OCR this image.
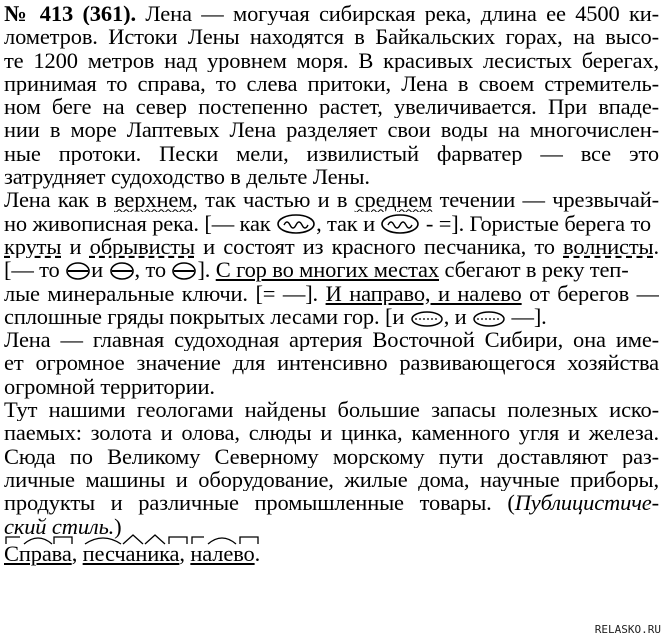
№ 413 (361). Лена — могучая сибирская река, длина ее 4500 ки-
лометров. Истоки Лены находятся в Байкальских горах, на высо-
те 1200 метров над уровнем моря. В красивых лесистых берегах,
принимая то справа, то слева притоки, Лена в своем стремитель-
ном беге на север постепенно растет, увеличивается. При впаде-
нии в море Лаптевых Лена разделяет свои воды на многочислен-
ные протоки. Пески мели, извилистый фарватер — все это
затрудняет судоходство в дельте Лены.
Лена как в верхнем, так частью и в среднем течении — чрезвычай-
но живописная река. [— как , так и  - =]. Гористые берега то
круты и обрывисты и состоят из красного песчаника, то волнисты.
[— то и , то ]. С гор во многих местах сбегают в реку теп-
лые минеральные ключи. [= —]. И направо, и налево от берегов —
сплошные гряды покрытых лесами гор. [и , и  —].
Лена — главная судоходная артерия Восточной Сибири, она име-
ет огромное значение для интенсивно развивающегося хозяйства
огромной территории.
Тут нашими геологами найдены большие запасы полезных иско-
паемых: золота и олова, слюды и цинка, каменного угля и железа.
Сюда по Великому Северному морскому пути доставляют раз-
личные машины и оборудование, жилые дома, научные приборы,
продукты и различные промышленные товары. (Публицистиче-
ский стиль.)
Справа,
песчаника,
налево.
RELASKO.RU
